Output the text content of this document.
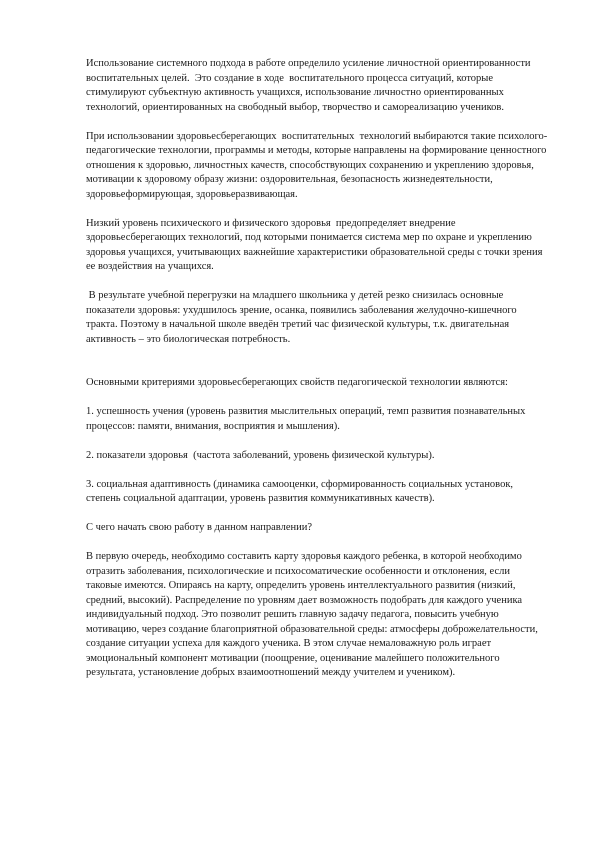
Использование системного подхода в работе определило усиление личностной ориентированности воспитательных целей.  Это создание в ходе  воспитательного процесса ситуаций, которые стимулируют субъектную активность учащихся, использование личностно ориентированных технологий, ориентированных на свободный выбор, творчество и самореализацию учеников.

При использовании здоровьесберегающих  воспитательных  технологий выбираются такие психолого-педагогические технологии, программы и методы, которые направлены на формирование ценностного отношения к здоровью, личностных качеств, способствующих сохранению и укреплению здоровья, мотивации к здоровому образу жизни: оздоровительная, безопасность жизнедеятельности, здоровьеформирующая, здоровьеразвивающая.

Низкий уровень психического и физического здоровья  предопределяет внедрение здоровьесберегающих технологий, под которыми понимается система мер по охране и укреплению здоровья учащихся, учитывающих важнейшие характеристики образовательной среды с точки зрения ее воздействия на учащихся.

В результате учебной перегрузки на младшего школьника у детей резко снизилась основные показатели здоровья: ухудшилось зрение, осанка, появились заболевания желудочно-кишечного тракта. Поэтому в начальной школе введён третий час физической культуры, т.к. двигательная активность – это биологическая потребность.

Основными критериями здоровьесберегающих свойств педагогической технологии являются:

1. успешность учения (уровень развития мыслительных операций, темп развития познавательных процессов: памяти, внимания, восприятия и мышления).

2. показатели здоровья  (частота заболеваний, уровень физической культуры).

3. социальная адаптивность (динамика самооценки, сформированность социальных установок, степень социальной адаптации, уровень развития коммуникативных качеств).

С чего начать свою работу в данном направлении?

В первую очередь, необходимо составить карту здоровья каждого ребенка, в которой необходимо отразить заболевания, психологические и психосоматические особенности и отклонения, если таковые имеются. Опираясь на карту, определить уровень интеллектуального развития (низкий, средний, высокий). Распределение по уровням дает возможность подобрать для каждого ученика индивидуальный подход. Это позволит решить главную задачу педагога, повысить учебную мотивацию, через создание благоприятной образовательной среды: атмосферы доброжелательности, создание ситуации успеха для каждого ученика. В этом случае немаловажную роль играет эмоциональный компонент мотивации (поощрение, оценивание малейшего положительного результата, установление добрых взаимоотношений между учителем и учеником).
